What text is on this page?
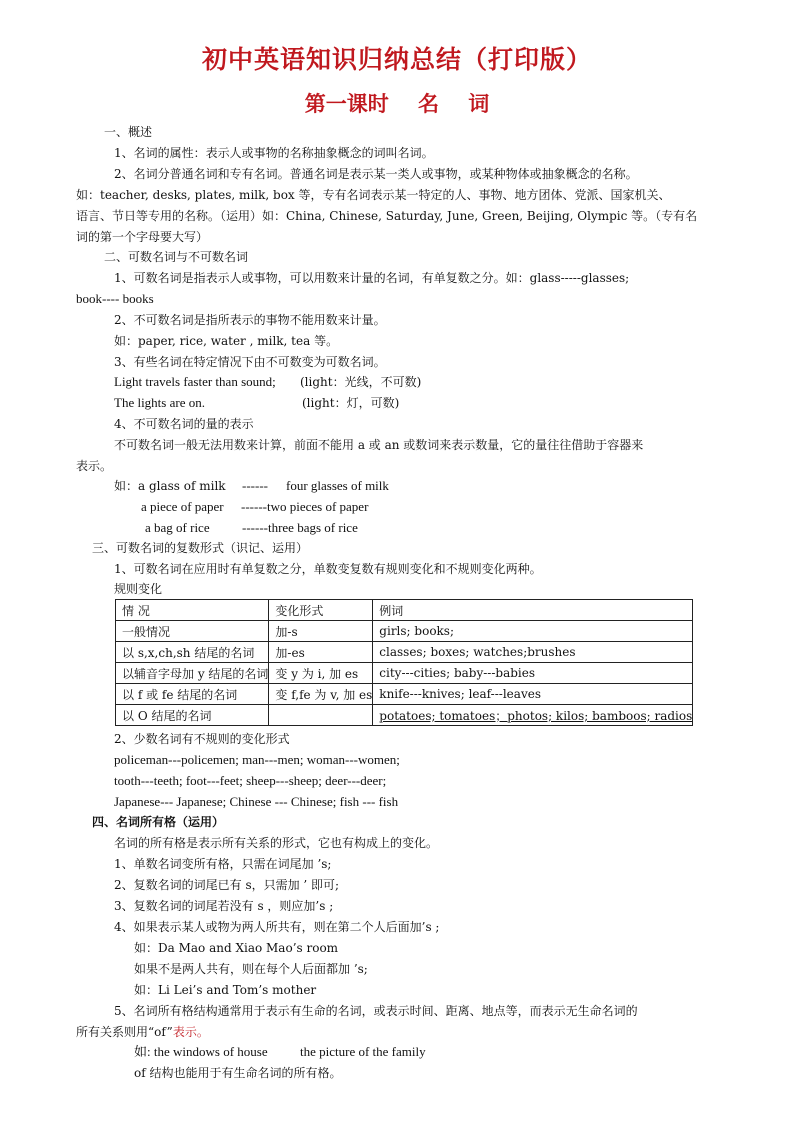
初中英语知识归纳总结（打印版）
第一课时    名    词
一、概述
1、名词的属性：表示人或事物的名称抽象概念的词叫名词。
2、名词分普通名词和专有名词。普通名词是表示某一类人或事物，或某种物体或抽象概念的名称。
如：teacher, desks, plates, milk, box 等，专有名词表示某一特定的人、事物、地方团体、党派、国家机关、
语言、节日等专用的名称。（运用）如：China, Chinese, Saturday, June, Green, Beijing, Olympic 等。（专有名
词的第一个字母要大写）
二、可数名词与不可数名词
1、可数名词是指表示人或事物，可以用数来计量的名词，有单复数之分。如：glass-----glasses;
book---- books
2、不可数名词是指所表示的事物不能用数来计量。
如：paper, rice, water , milk, tea 等。
3、有些名词在特定情况下由不可数变为可数名词。
Light travels faster than sound; (light：光线，不可数)
The lights are on.	(light：灯，可数)
4、不可数名词的量的表示
不可数名词一般无法用数来计算，前面不能用 a 或 an 或数词来表示数量，它的量往往借助于容器来
表示。
如：a glass of milk ------ four glasses of milk
a piece of paper ------two pieces of paper
a bag of rice ------three bags of rice
三、可数名词的复数形式（识记、运用）
1、可数名词在应用时有单复数之分，单数变复数有规则变化和不规则变化两种。
规则变化
情 况	变化形式	例词
一般情况	加-s	girls; books;
以 s,x,ch,sh 结尾的名词	加-es	classes; boxes; watches;brushes
以辅音字母加 y 结尾的名词	变 y 为 i, 加 es	city---cities; baby---babies
以 f 或 fe 结尾的名词	变 f,fe 为 v, 加 es	knife---knives; leaf---leaves
以 O 结尾的名词		potatoes; tomatoes；photos; kilos; bamboos; radios
2、少数名词有不规则的变化形式
policeman---policemen; man---men; woman---women;
tooth---teeth; foot---feet; sheep---sheep; deer---deer;
Japanese--- Japanese; Chinese --- Chinese; fish --- fish
四、名词所有格（运用）
名词的所有格是表示所有关系的形式，它也有构成上的变化。
1、单数名词变所有格，只需在词尾加 ’s;
2、复数名词的词尾已有 s，只需加 ’ 即可;
3、复数名词的词尾若没有 s ，则应加’s ;
4、如果表示某人或物为两人所共有，则在第二个人后面加’s ;
如：Da Mao and Xiao Mao’s room
如果不是两人共有，则在每个人后面都加 ’s;
如：Li Lei’s and Tom’s mother
5、名词所有格结构通常用于表示有生命的名词，或表示时间、距离、地点等，而表示无生命名词的
所有关系则用“of”表示。
如: the windows of house the picture of the family
of 结构也能用于有生命名词的所有格。
